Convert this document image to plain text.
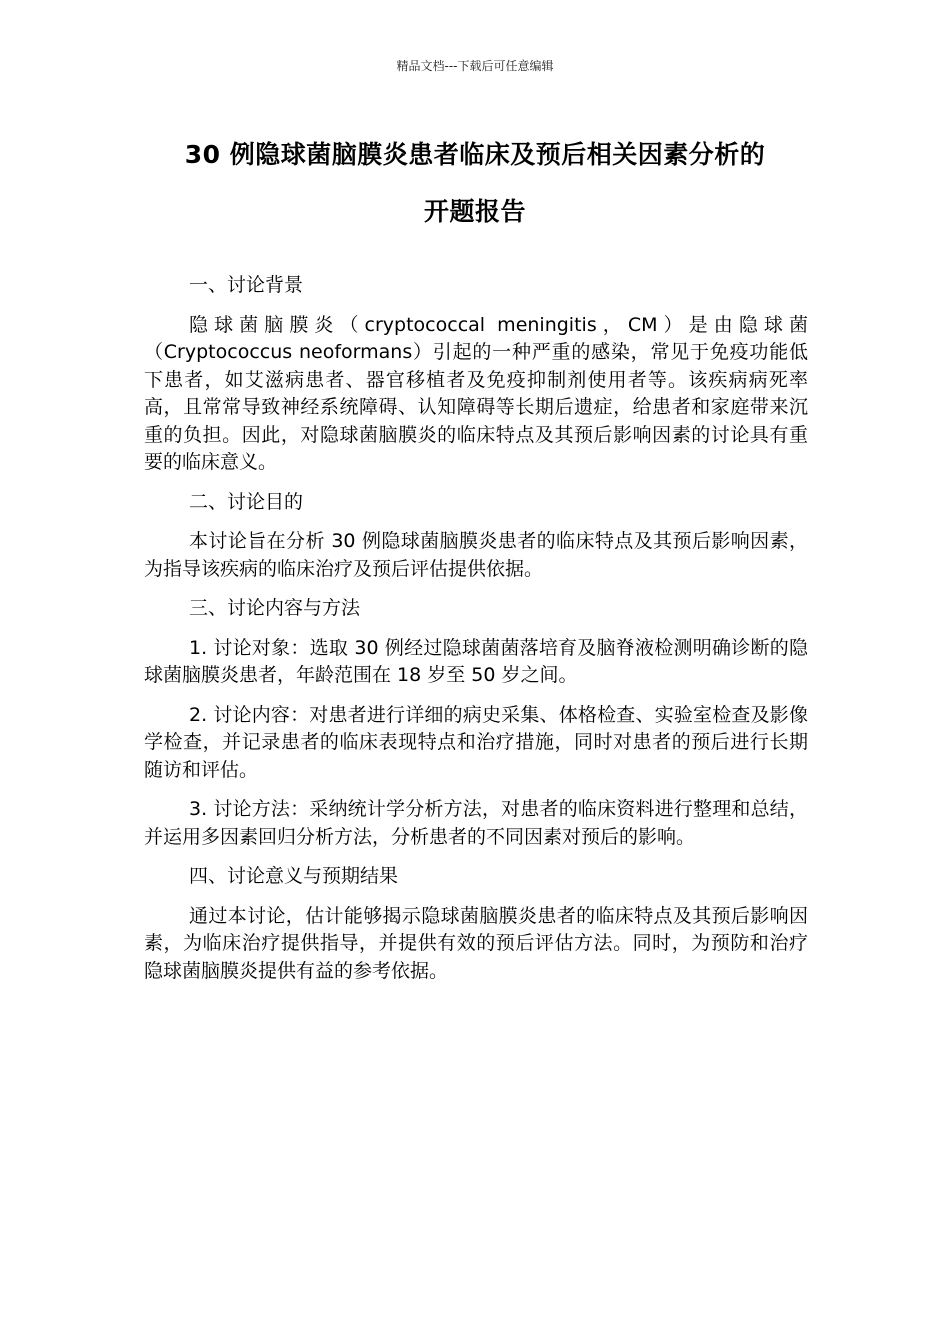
精品文档---下载后可任意编辑
30 例隐球菌脑膜炎患者临床及预后相关因素分析的
开题报告

一、讨论背景

隐球菌脑膜炎（cryptococcal meningitis，CM）是由隐球菌（Cryptococcus neoformans）引起的一种严重的感染，常见于免疫功能低下患者，如艾滋病患者、器官移植者及免疫抑制剂使用者等。该疾病病死率高，且常常导致神经系统障碍、认知障碍等长期后遗症，给患者和家庭带来沉重的负担。因此，对隐球菌脑膜炎的临床特点及其预后影响因素的讨论具有重要的临床意义。

二、讨论目的

本讨论旨在分析 30 例隐球菌脑膜炎患者的临床特点及其预后影响因素，为指导该疾病的临床治疗及预后评估提供依据。

三、讨论内容与方法

1. 讨论对象：选取 30 例经过隐球菌菌落培育及脑脊液检测明确诊断的隐球菌脑膜炎患者，年龄范围在 18 岁至 50 岁之间。

2. 讨论内容：对患者进行详细的病史采集、体格检查、实验室检查及影像学检查，并记录患者的临床表现特点和治疗措施，同时对患者的预后进行长期随访和评估。

3. 讨论方法：采纳统计学分析方法，对患者的临床资料进行整理和总结，并运用多因素回归分析方法，分析患者的不同因素对预后的影响。

四、讨论意义与预期结果

通过本讨论，估计能够揭示隐球菌脑膜炎患者的临床特点及其预后影响因素，为临床治疗提供指导，并提供有效的预后评估方法。同时，为预防和治疗隐球菌脑膜炎提供有益的参考依据。
